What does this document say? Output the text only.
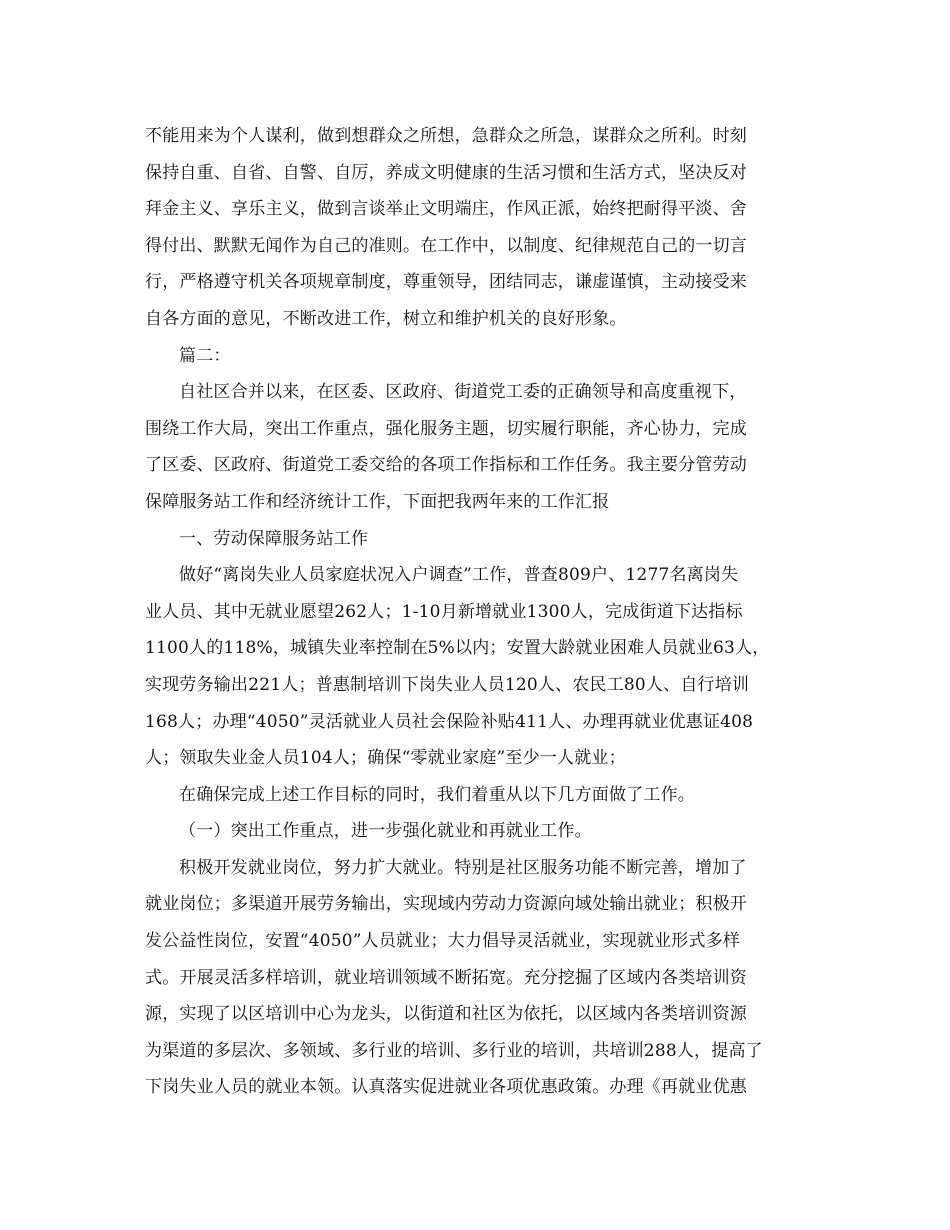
不能用来为个人谋利，做到想群众之所想，急群众之所急，谋群众之所利。时刻
保持自重、自省、自警、自厉，养成文明健康的生活习惯和生活方式，坚决反对
拜金主义、享乐主义，做到言谈举止文明端庄，作风正派，始终把耐得平淡、舍
得付出、默默无闻作为自己的准则。在工作中，以制度、纪律规范自己的一切言
行，严格遵守机关各项规章制度，尊重领导，团结同志，谦虚谨慎，主动接受来
自各方面的意见，不断改进工作，树立和维护机关的良好形象。
篇二：
自社区合并以来，在区委、区政府、街道党工委的正确领导和高度重视下，
围绕工作大局，突出工作重点，强化服务主题，切实履行职能，齐心协力，完成
了区委、区政府、街道党工委交给的各项工作指标和工作任务。我主要分管劳动
保障服务站工作和经济统计工作，下面把我两年来的工作汇报
一、劳动保障服务站工作
做好“离岗失业人员家庭状况入户调查”工作，普查809户、1277名离岗失
业人员、其中无就业愿望262人；1-10月新增就业1300人，完成街道下达指标
1100人的118%，城镇失业率控制在5%以内；安置大龄就业困难人员就业63人，
实现劳务输出221人；普惠制培训下岗失业人员120人、农民工80人、自行培训
168人；办理“4050”灵活就业人员社会保险补贴411人、办理再就业优惠证408
人；领取失业金人员104人；确保“零就业家庭”至少一人就业；
在确保完成上述工作目标的同时，我们着重从以下几方面做了工作。
（一）突出工作重点，进一步强化就业和再就业工作。
积极开发就业岗位，努力扩大就业。特别是社区服务功能不断完善，增加了
就业岗位；多渠道开展劳务输出，实现域内劳动力资源向域处输出就业；积极开
发公益性岗位，安置“4050”人员就业；大力倡导灵活就业，实现就业形式多样
式。开展灵活多样培训，就业培训领域不断拓宽。充分挖掘了区域内各类培训资
源，实现了以区培训中心为龙头，以街道和社区为依托，以区域内各类培训资源
为渠道的多层次、多领域、多行业的培训、多行业的培训，共培训288人，提高了
下岗失业人员的就业本领。认真落实促进就业各项优惠政策。办理《再就业优惠
